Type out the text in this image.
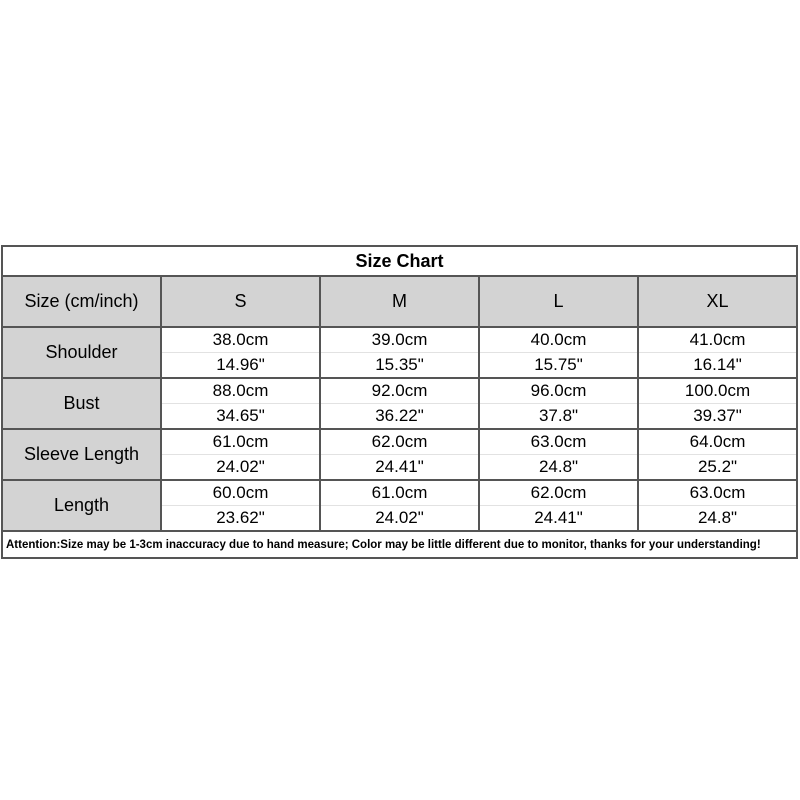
Size Chart				
Size (cm/inch)	S	M	L	XL
Shoulder	38.0cm	39.0cm	40.0cm	41.0cm
	14.96"	15.35"	15.75"	16.14"
Bust	88.0cm	92.0cm	96.0cm	100.0cm
	34.65"	36.22"	37.8"	39.37"
Sleeve Length	61.0cm	62.0cm	63.0cm	64.0cm
	24.02"	24.41"	24.8"	25.2"
Length	60.0cm	61.0cm	62.0cm	63.0cm
	23.62"	24.02"	24.41"	24.8"
Attention:Size may be 1-3cm inaccuracy due to hand measure; Color may be little different due to monitor, thanks for your understanding!				
